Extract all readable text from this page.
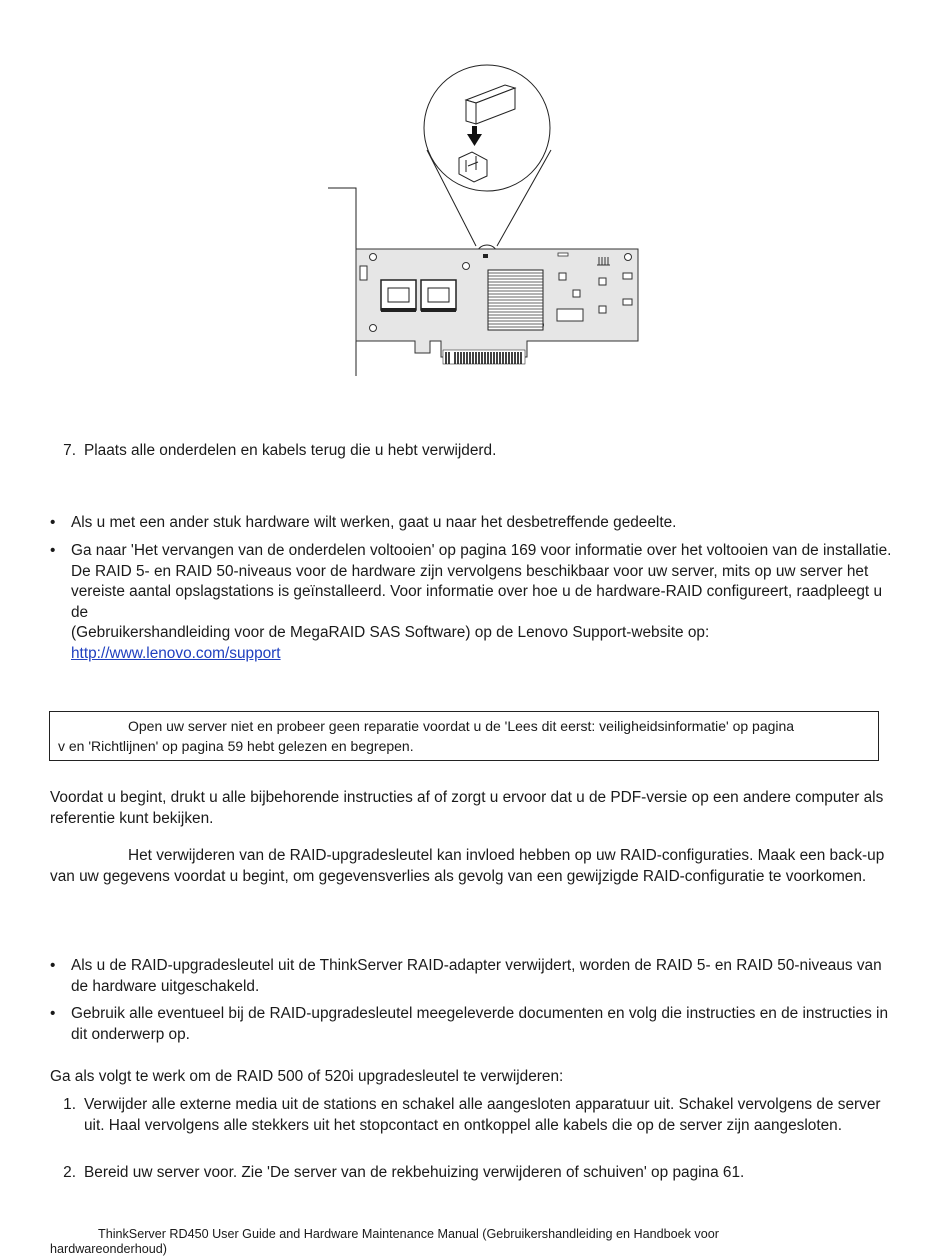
7. Plaats alle onderdelen en kabels terug die u hebt verwijderd.
• Als u met een ander stuk hardware wilt werken, gaat u naar het desbetreffende gedeelte.
• Ga naar 'Het vervangen van de onderdelen voltooien' op pagina 169 voor informatie over het voltooien van de installatie. De RAID 5- en RAID 50-niveaus voor de hardware zijn vervolgens beschikbaar voor uw server, mits op uw server het vereiste aantal opslagstations is geïnstalleerd. Voor informatie over hoe u de hardware-RAID configureert, raadpleegt u de
(Gebruikershandleiding voor de MegaRAID SAS Software) op de Lenovo Support-website op:
http://www.lenovo.com/support
Open uw server niet en probeer geen reparatie voordat u de 'Lees dit eerst: veiligheidsinformatie' op pagina
v en 'Richtlijnen' op pagina 59 hebt gelezen en begrepen.
Voordat u begint, drukt u alle bijbehorende instructies af of zorgt u ervoor dat u de PDF-versie op een andere computer als referentie kunt bekijken.
Het verwijderen van de RAID-upgradesleutel kan invloed hebben op uw RAID-configuraties. Maak een back-up van uw gegevens voordat u begint, om gegevensverlies als gevolg van een gewijzigde RAID-configuratie te voorkomen.
• Als u de RAID-upgradesleutel uit de ThinkServer RAID-adapter verwijdert, worden de RAID 5- en RAID 50-niveaus van de hardware uitgeschakeld.
• Gebruik alle eventueel bij de RAID-upgradesleutel meegeleverde documenten en volg die instructies en de instructies in dit onderwerp op.
Ga als volgt te werk om de RAID 500 of 520i upgradesleutel te verwijderen:
1. Verwijder alle externe media uit de stations en schakel alle aangesloten apparatuur uit. Schakel vervolgens de server uit. Haal vervolgens alle stekkers uit het stopcontact en ontkoppel alle kabels die op de server zijn aangesloten.
2. Bereid uw server voor. Zie 'De server van de rekbehuizing verwijderen of schuiven' op pagina 61.
ThinkServer RD450 User Guide and Hardware Maintenance Manual (Gebruikershandleiding en Handboek voor
hardwareonderhoud)
